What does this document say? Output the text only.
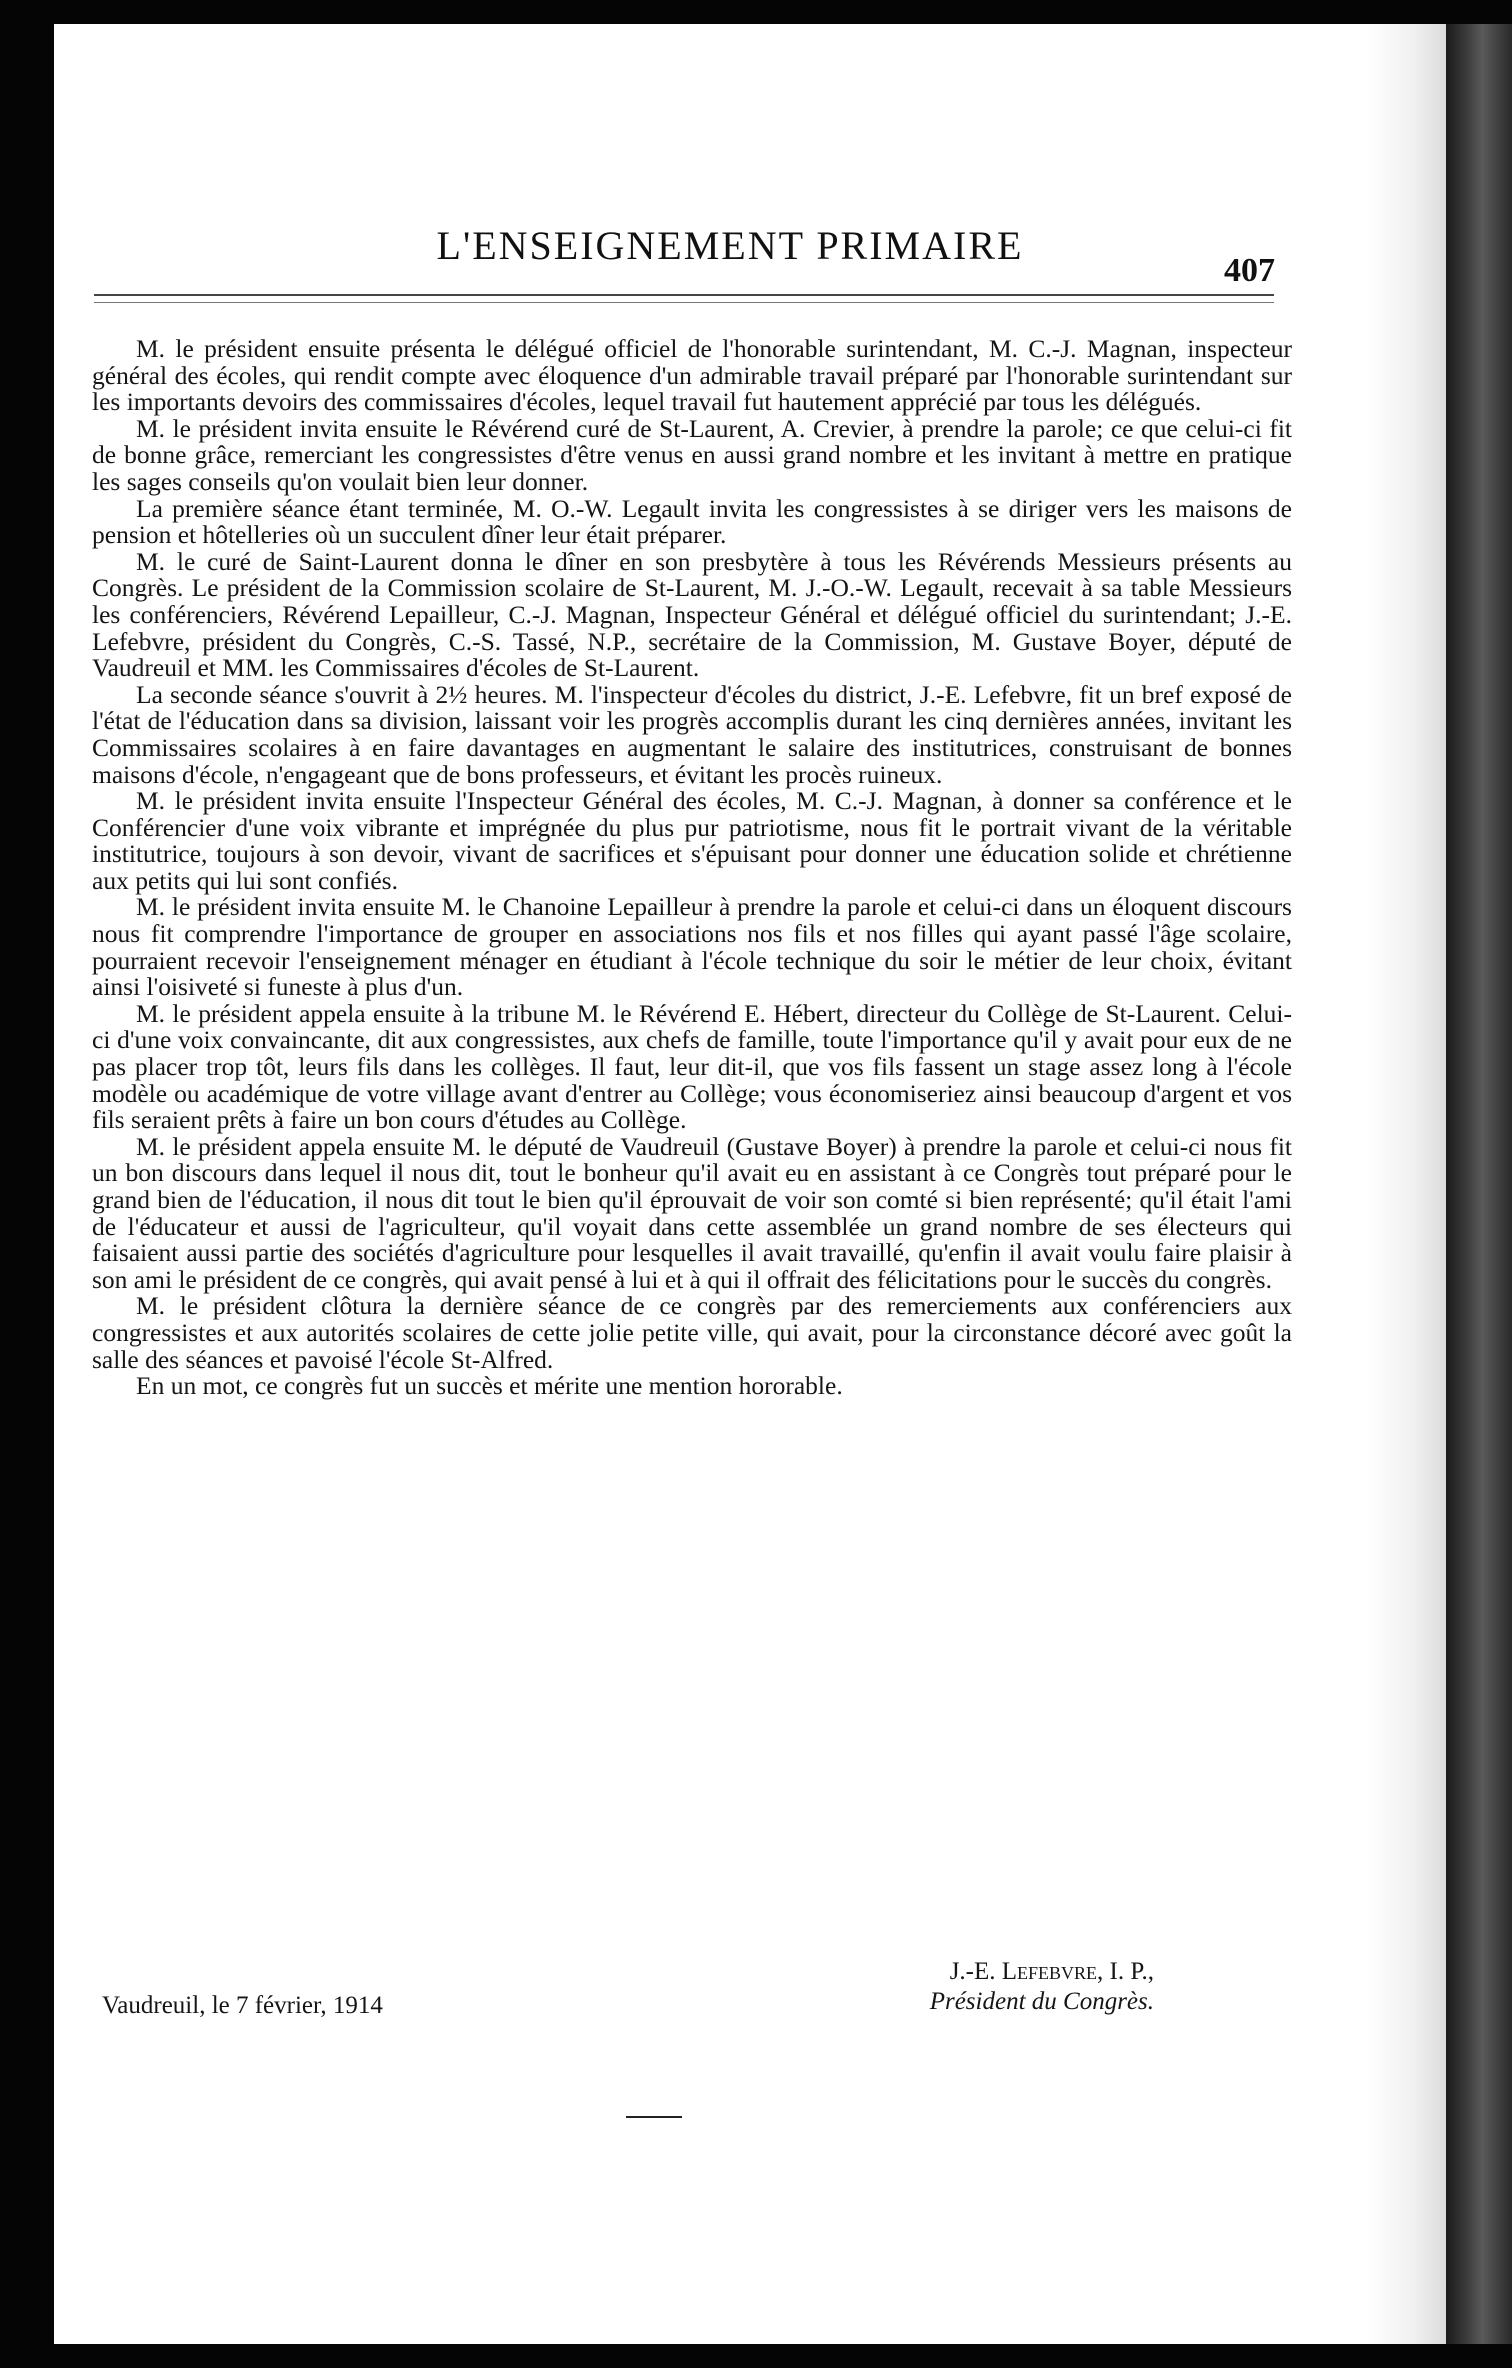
L'ENSEIGNEMENT PRIMAIRE
407

M. le président ensuite présenta le délégué officiel de l'honorable surintendant, M. C.-J. Magnan, inspecteur général des écoles, qui rendit compte avec éloquence d'un admirable travail préparé par l'honorable surintendant sur les importants devoirs des commissaires d'écoles, lequel travail fut hautement apprécié par tous les délégués.

M. le président invita ensuite le Révérend curé de St-Laurent, A. Crevier, à prendre la parole; ce que celui-ci fit de bonne grâce, remerciant les congressistes d'être venus en aussi grand nombre et les invitant à mettre en pratique les sages conseils qu'on voulait bien leur donner.

La première séance étant terminée, M. O.-W. Legault invita les congressistes à se diriger vers les maisons de pension et hôtelleries où un succulent dîner leur était préparer.

M. le curé de Saint-Laurent donna le dîner en son presbytère à tous les Révérends Messieurs présents au Congrès. Le président de la Commission scolaire de St-Laurent, M. J.-O.-W. Legault, recevait à sa table Messieurs les conférenciers, Révérend Lepailleur, C.-J. Magnan, Inspecteur Général et délégué officiel du surintendant; J.-E. Lefebvre, président du Congrès, C.-S. Tassé, N.P., secrétaire de la Commission, M. Gustave Boyer, député de Vaudreuil et MM. les Commissaires d'écoles de St-Laurent.

La seconde séance s'ouvrit à 2½ heures. M. l'inspecteur d'écoles du district, J.-E. Lefebvre, fit un bref exposé de l'état de l'éducation dans sa division, laissant voir les progrès accomplis durant les cinq dernières années, invitant les Commissaires scolaires à en faire davantages en augmentant le salaire des institutrices, construisant de bonnes maisons d'école, n'engageant que de bons professeurs, et évitant les procès ruineux.

M. le président invita ensuite l'Inspecteur Général des écoles, M. C.-J. Magnan, à donner sa conférence et le Conférencier d'une voix vibrante et imprégnée du plus pur patriotisme, nous fit le portrait vivant de la véritable institutrice, toujours à son devoir, vivant de sacrifices et s'épuisant pour donner une éducation solide et chrétienne aux petits qui lui sont confiés.

M. le président invita ensuite M. le Chanoine Lepailleur à prendre la parole et celui-ci dans un éloquent discours nous fit comprendre l'importance de grouper en associations nos fils et nos filles qui ayant passé l'âge scolaire, pourraient recevoir l'enseignement ménager en étudiant à l'école technique du soir le métier de leur choix, évitant ainsi l'oisiveté si funeste à plus d'un.

M. le président appela ensuite à la tribune M. le Révérend E. Hébert, directeur du Collège de St-Laurent. Celui-ci d'une voix convaincante, dit aux congressistes, aux chefs de famille, toute l'importance qu'il y avait pour eux de ne pas placer trop tôt, leurs fils dans les collèges. Il faut, leur dit-il, que vos fils fassent un stage assez long à l'école modèle ou académique de votre village avant d'entrer au Collège; vous économiseriez ainsi beaucoup d'argent et vos fils seraient prêts à faire un bon cours d'études au Collège.

M. le président appela ensuite M. le député de Vaudreuil (Gustave Boyer) à prendre la parole et celui-ci nous fit un bon discours dans lequel il nous dit, tout le bonheur qu'il avait eu en assistant à ce Congrès tout préparé pour le grand bien de l'éducation, il nous dit tout le bien qu'il éprouvait de voir son comté si bien représenté; qu'il était l'ami de l'éducateur et aussi de l'agriculteur, qu'il voyait dans cette assemblée un grand nombre de ses électeurs qui faisaient aussi partie des sociétés d'agriculture pour lesquelles il avait travaillé, qu'enfin il avait voulu faire plaisir à son ami le président de ce congrès, qui avait pensé à lui et à qui il offrait des félicitations pour le succès du congrès.

M. le président clôtura la dernière séance de ce congrès par des remerciements aux conférenciers aux congressistes et aux autorités scolaires de cette jolie petite ville, qui avait, pour la circonstance décoré avec goût la salle des séances et pavoisé l'école St-Alfred.

En un mot, ce congrès fut un succès et mérite une mention hororable.

J.-E. Lefebvre, I. P.,
Président du Congrès.
Vaudreuil, le 7 février, 1914
